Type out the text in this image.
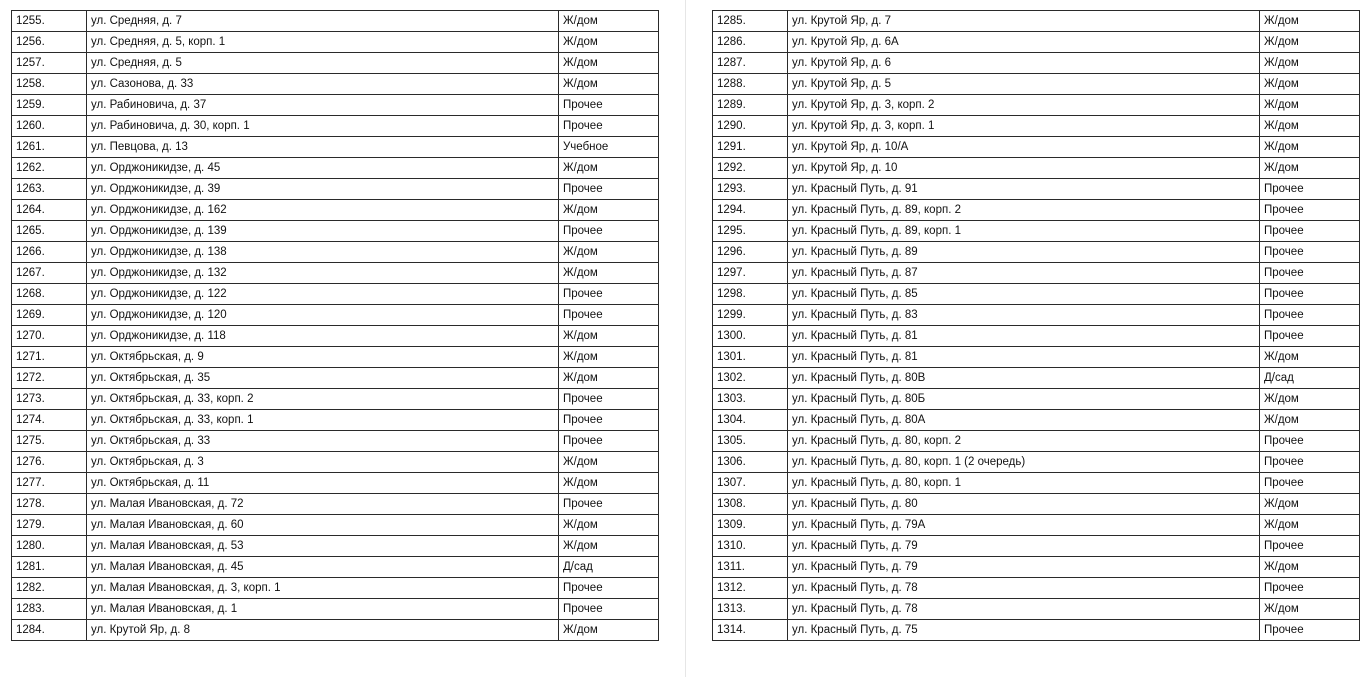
1255.	ул. Средняя, д. 7	Ж/дом
1256.	ул. Средняя, д. 5, корп. 1	Ж/дом
1257.	ул. Средняя, д. 5	Ж/дом
1258.	ул. Сазонова, д. 33	Ж/дом
1259.	ул. Рабиновича, д. 37	Прочее
1260.	ул. Рабиновича, д. 30, корп. 1	Прочее
1261.	ул. Певцова, д. 13	Учебное
1262.	ул. Орджоникидзе, д. 45	Ж/дом
1263.	ул. Орджоникидзе, д. 39	Прочее
1264.	ул. Орджоникидзе, д. 162	Ж/дом
1265.	ул. Орджоникидзе, д. 139	Прочее
1266.	ул. Орджоникидзе, д. 138	Ж/дом
1267.	ул. Орджоникидзе, д. 132	Ж/дом
1268.	ул. Орджоникидзе, д. 122	Прочее
1269.	ул. Орджоникидзе, д. 120	Прочее
1270.	ул. Орджоникидзе, д. 118	Ж/дом
1271.	ул. Октябрьская, д. 9	Ж/дом
1272.	ул. Октябрьская, д. 35	Ж/дом
1273.	ул. Октябрьская, д. 33, корп. 2	Прочее
1274.	ул. Октябрьская, д. 33, корп. 1	Прочее
1275.	ул. Октябрьская, д. 33	Прочее
1276.	ул. Октябрьская, д. 3	Ж/дом
1277.	ул. Октябрьская, д. 11	Ж/дом
1278.	ул. Малая Ивановская, д. 72	Прочее
1279.	ул. Малая Ивановская, д. 60	Ж/дом
1280.	ул. Малая Ивановская, д. 53	Ж/дом
1281.	ул. Малая Ивановская, д. 45	Д/сад
1282.	ул. Малая Ивановская, д. 3, корп. 1	Прочее
1283.	ул. Малая Ивановская, д. 1	Прочее
1284.	ул. Крутой Яр, д. 8	Ж/дом
1285.	ул. Крутой Яр, д. 7	Ж/дом
1286.	ул. Крутой Яр, д. 6А	Ж/дом
1287.	ул. Крутой Яр, д. 6	Ж/дом
1288.	ул. Крутой Яр, д. 5	Ж/дом
1289.	ул. Крутой Яр, д. 3, корп. 2	Ж/дом
1290.	ул. Крутой Яр, д. 3, корп. 1	Ж/дом
1291.	ул. Крутой Яр, д. 10/А	Ж/дом
1292.	ул. Крутой Яр, д. 10	Ж/дом
1293.	ул. Красный Путь, д. 91	Прочее
1294.	ул. Красный Путь, д. 89, корп. 2	Прочее
1295.	ул. Красный Путь, д. 89, корп. 1	Прочее
1296.	ул. Красный Путь, д. 89	Прочее
1297.	ул. Красный Путь, д. 87	Прочее
1298.	ул. Красный Путь, д. 85	Прочее
1299.	ул. Красный Путь, д. 83	Прочее
1300.	ул. Красный Путь, д. 81	Прочее
1301.	ул. Красный Путь, д. 81	Ж/дом
1302.	ул. Красный Путь, д. 80В	Д/сад
1303.	ул. Красный Путь, д. 80Б	Ж/дом
1304.	ул. Красный Путь, д. 80А	Ж/дом
1305.	ул. Красный Путь, д. 80, корп. 2	Прочее
1306.	ул. Красный Путь, д. 80, корп. 1 (2 очередь)	Прочее
1307.	ул. Красный Путь, д. 80, корп. 1	Прочее
1308.	ул. Красный Путь, д. 80	Ж/дом
1309.	ул. Красный Путь, д. 79А	Ж/дом
1310.	ул. Красный Путь, д. 79	Прочее
1311.	ул. Красный Путь, д. 79	Ж/дом
1312.	ул. Красный Путь, д. 78	Прочее
1313.	ул. Красный Путь, д. 78	Ж/дом
1314.	ул. Красный Путь, д. 75	Прочее
